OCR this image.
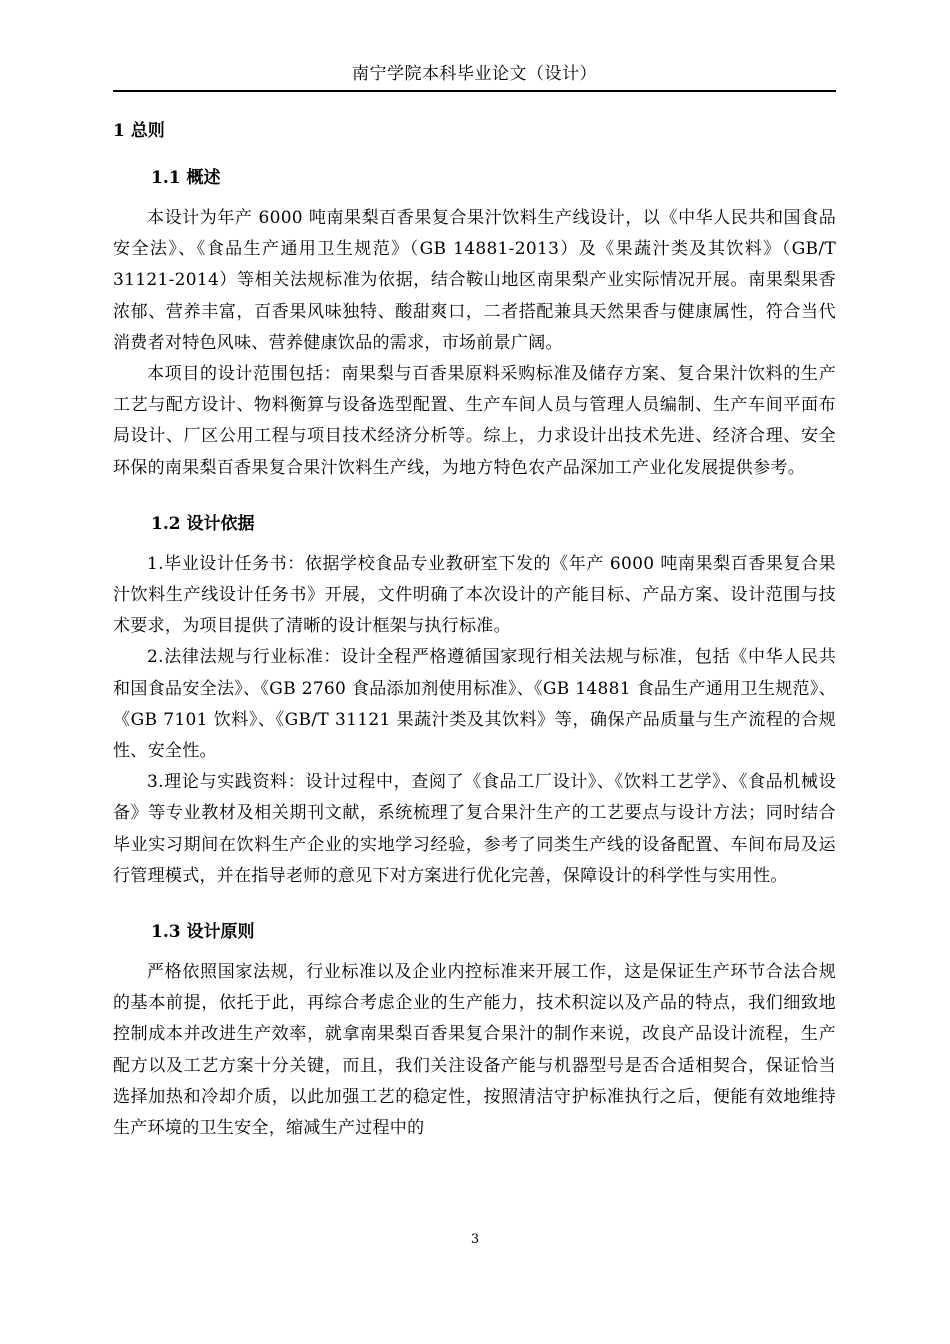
南宁学院本科毕业论文（设计）
1 总则
1.1 概述

本设计为年产 6000 吨南果梨百香果复合果汁饮料生产线设计，以《中华人民共和国食品安全法》、《食品生产通用卫生规范》（GB 14881-2013）及《果蔬汁类及其饮料》（GB/T 31121-2014）等相关法规标准为依据，结合鞍山地区南果梨产业实际情况开展。南果梨果香浓郁、营养丰富，百香果风味独特、酸甜爽口，二者搭配兼具天然果香与健康属性，符合当代消费者对特色风味、营养健康饮品的需求，市场前景广阔。

本项目的设计范围包括：南果梨与百香果原料采购标准及储存方案、复合果汁饮料的生产工艺与配方设计、物料衡算与设备选型配置、生产车间人员与管理人员编制、生产车间平面布局设计、厂区公用工程与项目技术经济分析等。综上，力求设计出技术先进、经济合理、安全环保的南果梨百香果复合果汁饮料生产线，为地方特色农产品深加工产业化发展提供参考。

1.2 设计依据

1.毕业设计任务书：依据学校食品专业教研室下发的《年产 6000 吨南果梨百香果复合果汁饮料生产线设计任务书》开展，文件明确了本次设计的产能目标、产品方案、设计范围与技术要求，为项目提供了清晰的设计框架与执行标准。

2.法律法规与行业标准：设计全程严格遵循国家现行相关法规与标准，包括《中华人民共和国食品安全法》、《GB 2760 食品添加剂使用标准》、《GB 14881 食品生产通用卫生规范》、《GB 7101 饮料》、《GB/T 31121 果蔬汁类及其饮料》等，确保产品质量与生产流程的合规性、安全性。

3.理论与实践资料：设计过程中，查阅了《食品工厂设计》、《饮料工艺学》、《食品机械设备》等专业教材及相关期刊文献，系统梳理了复合果汁生产的工艺要点与设计方法；同时结合毕业实习期间在饮料生产企业的实地学习经验，参考了同类生产线的设备配置、车间布局及运行管理模式，并在指导老师的意见下对方案进行优化完善，保障设计的科学性与实用性。

1.3 设计原则

严格依照国家法规，行业标准以及企业内控标准来开展工作，这是保证生产环节合法合规的基本前提，依托于此，再综合考虑企业的生产能力，技术积淀以及产品的特点，我们细致地控制成本并改进生产效率，就拿南果梨百香果复合果汁的制作来说，改良产品设计流程，生产配方以及工艺方案十分关键，而且，我们关注设备产能与机器型号是否合适相契合，保证恰当选择加热和冷却介质，以此加强工艺的稳定性，按照清洁守护标准执行之后，便能有效地维持生产环境的卫生安全，缩减生产过程中的

3
